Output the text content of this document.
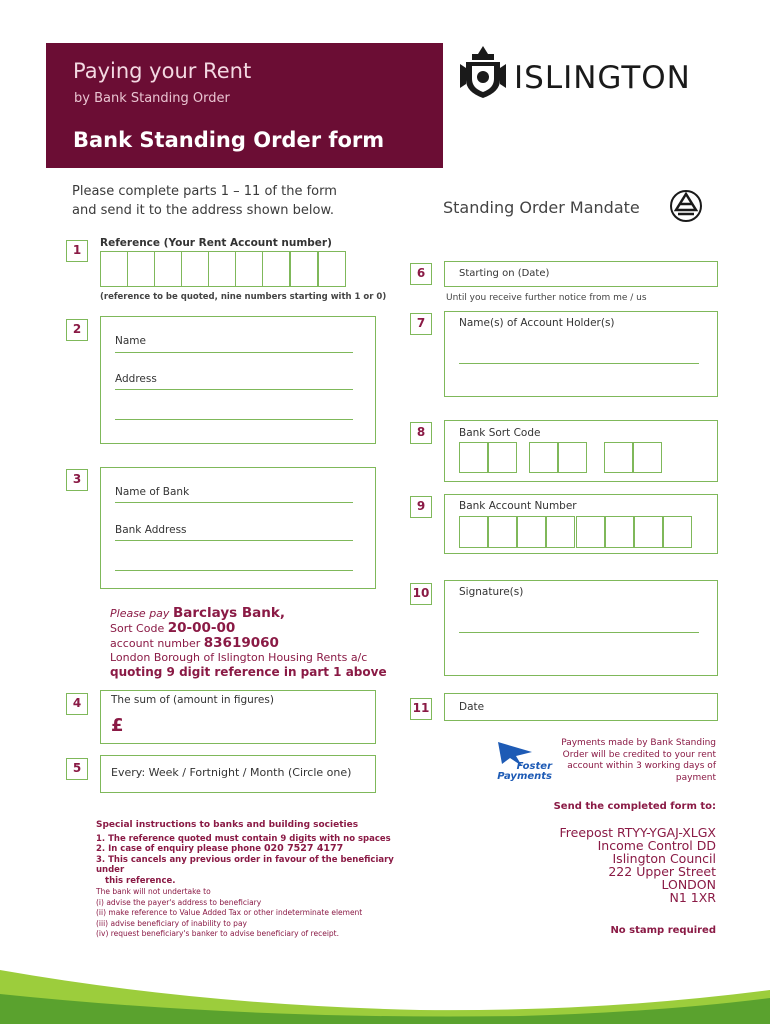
Paying your Rent
by Bank Standing Order
Bank Standing Order form
ISLINGTON
Please complete parts 1 – 11 of the form
and send it to the address shown below.	Standing Order Mandate
1	Reference (Your Rent Account number)
(reference to be quoted, nine numbers starting with 1 or 0)
2
Name
Address
3
Name of Bank
Bank Address
Please pay Barclays Bank,
Sort Code 20-00-00
account number 83619060
London Borough of Islington Housing Rents a/c
quoting 9 digit reference in part 1 above
4	The sum of (amount in figures)
£
5	Every: Week / Fortnight / Month (Circle one)
6	Starting on (Date)
Until you receive further notice from me / us
7	Name(s) of Account Holder(s)
8	Bank Sort Code
9	Bank Account Number
10	Signature(s)
11	Date
Foster
Payments
Payments made by Bank Standing Order will be credited to your rent account within 3 working days of payment
Special instructions to banks and building societies
1. The reference quoted must contain 9 digits with no spaces
2. In case of enquiry please phone 020 7527 4177
3. This cancels any previous order in favour of the beneficiary under
this reference.
The bank will not undertake to
(i) advise the payer's address to beneficiary
(ii) make reference to Value Added Tax or other indeterminate element
(iii) advise beneficiary of inability to pay
(iv) request beneficiary's banker to advise beneficiary of receipt.
Send the completed form to:
Freepost RTYY-YGAJ-XLGX
Income Control DD
Islington Council
222 Upper Street
LONDON
N1 1XR
No stamp required
